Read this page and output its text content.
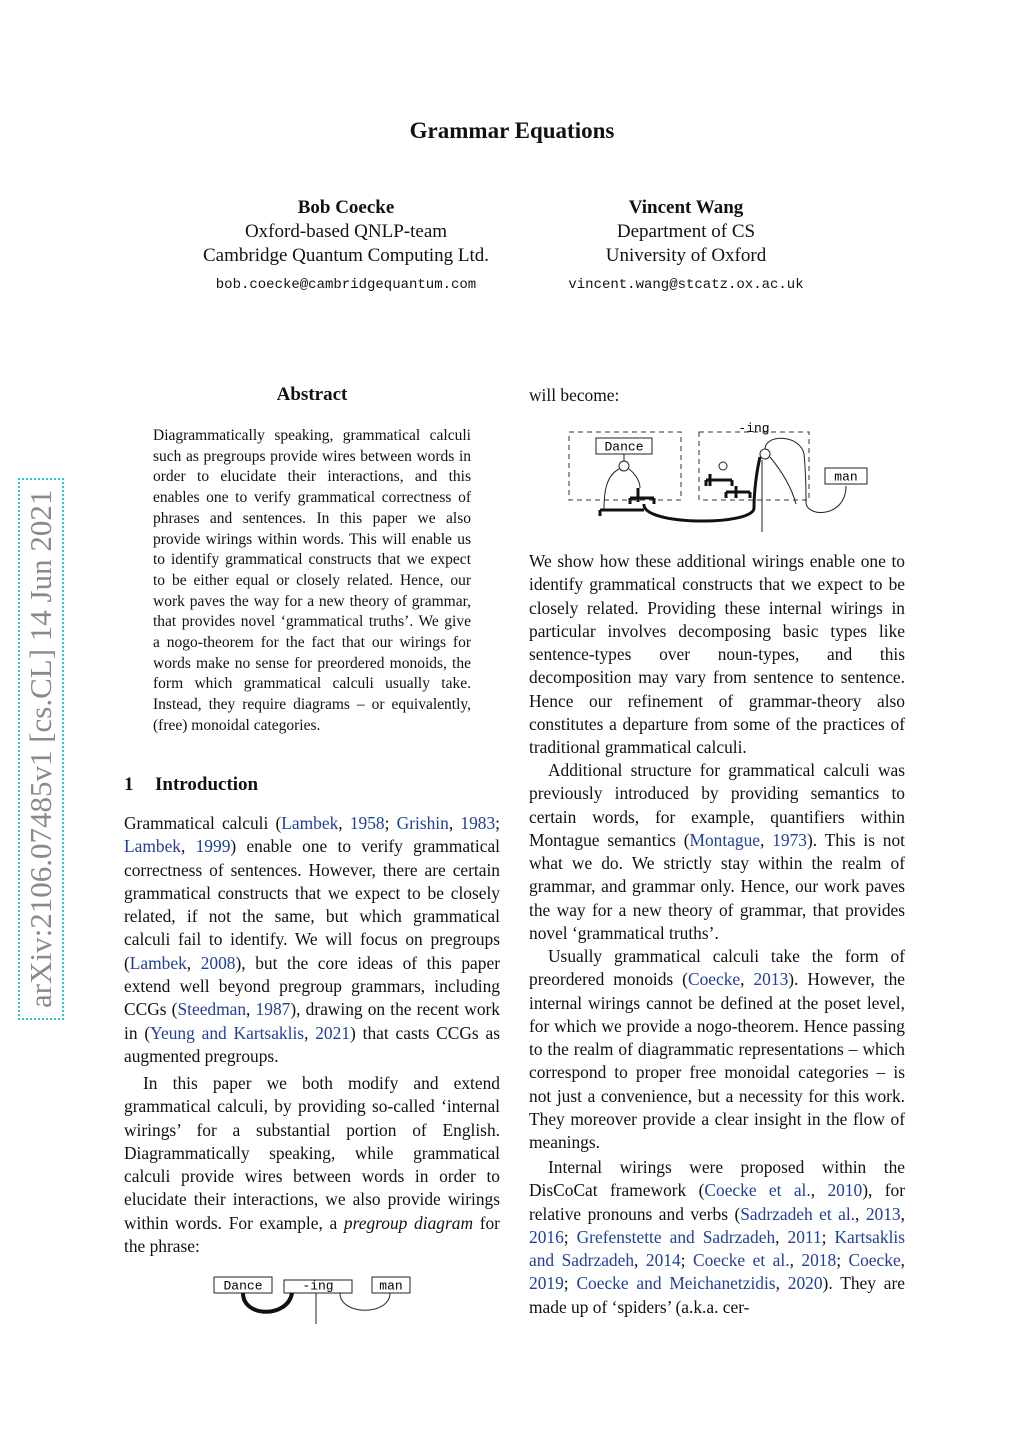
Grammar Equations
Bob Coecke
Oxford-based QNLP-team
Cambridge Quantum Computing Ltd.
bob.coecke@cambridgequantum.com
Vincent Wang
Department of CS
University of Oxford
vincent.wang@stcatz.ox.ac.uk
arXiv:2106.07485v1 [cs.CL] 14 Jun 2021
Abstract

Diagrammatically speaking, grammatical calculi such as pregroups provide wires between words in order to elucidate their interactions, and this enables one to verify grammatical correctness of phrases and sentences. In this paper we also provide wirings within words. This will enable us to identify grammatical constructs that we expect to be either equal or closely related. Hence, our work paves the way for a new theory of grammar, that provides novel ‘grammatical truths’. We give a nogo-theorem for the fact that our wirings for words make no sense for preordered monoids, the form which grammatical calculi usually take. Instead, they require diagrams – or equivalently, (free) monoidal categories.

1 Introduction

Grammatical calculi (Lambek, 1958; Grishin, 1983; Lambek, 1999) enable one to verify grammatical correctness of sentences. However, there are certain grammatical constructs that we expect to be closely related, if not the same, but which grammatical calculi fail to identify. We will focus on pregroups (Lambek, 2008), but the core ideas of this paper extend well beyond pregroup grammars, including CCGs (Steedman, 1987), drawing on the recent work in (Yeung and Kartsaklis, 2021) that casts CCGs as augmented pregroups.

In this paper we both modify and extend grammatical calculi, by providing so-called ‘internal wirings’ for a substantial portion of English. Diagrammatically speaking, while grammatical calculi provide wires between words in order to elucidate their interactions, we also provide wirings within words. For example, a pregroup diagram for the phrase:

Dance	-ing	man

will become:

Dance
-ing
man

We show how these additional wirings enable one to identify grammatical constructs that we expect to be closely related. Providing these internal wirings in particular involves decomposing basic types like sentence-types over noun-types, and this decomposition may vary from sentence to sentence. Hence our refinement of grammar-theory also constitutes a departure from some of the practices of traditional grammatical calculi.

Additional structure for grammatical calculi was previously introduced by providing semantics to certain words, for example, quantifiers within Montague semantics (Montague, 1973). This is not what we do. We strictly stay within the realm of grammar, and grammar only. Hence, our work paves the way for a new theory of grammar, that provides novel ‘grammatical truths’.

Usually grammatical calculi take the form of preordered monoids (Coecke, 2013). However, the internal wirings cannot be defined at the poset level, for which we provide a nogo-theorem. Hence passing to the realm of diagrammatic representations – which correspond to proper free monoidal categories – is not just a convenience, but a necessity for this work. They moreover provide a clear insight in the flow of meanings.

Internal wirings were proposed within the DisCoCat framework (Coecke et al., 2010), for relative pronouns and verbs (Sadrzadeh et al., 2013, 2016; Grefenstette and Sadrzadeh, 2011; Kartsaklis and Sadrzadeh, 2014; Coecke et al., 2018; Coecke, 2019; Coecke and Meichanetzidis, 2020). They are made up of ‘spiders’ (a.k.a. cer-
